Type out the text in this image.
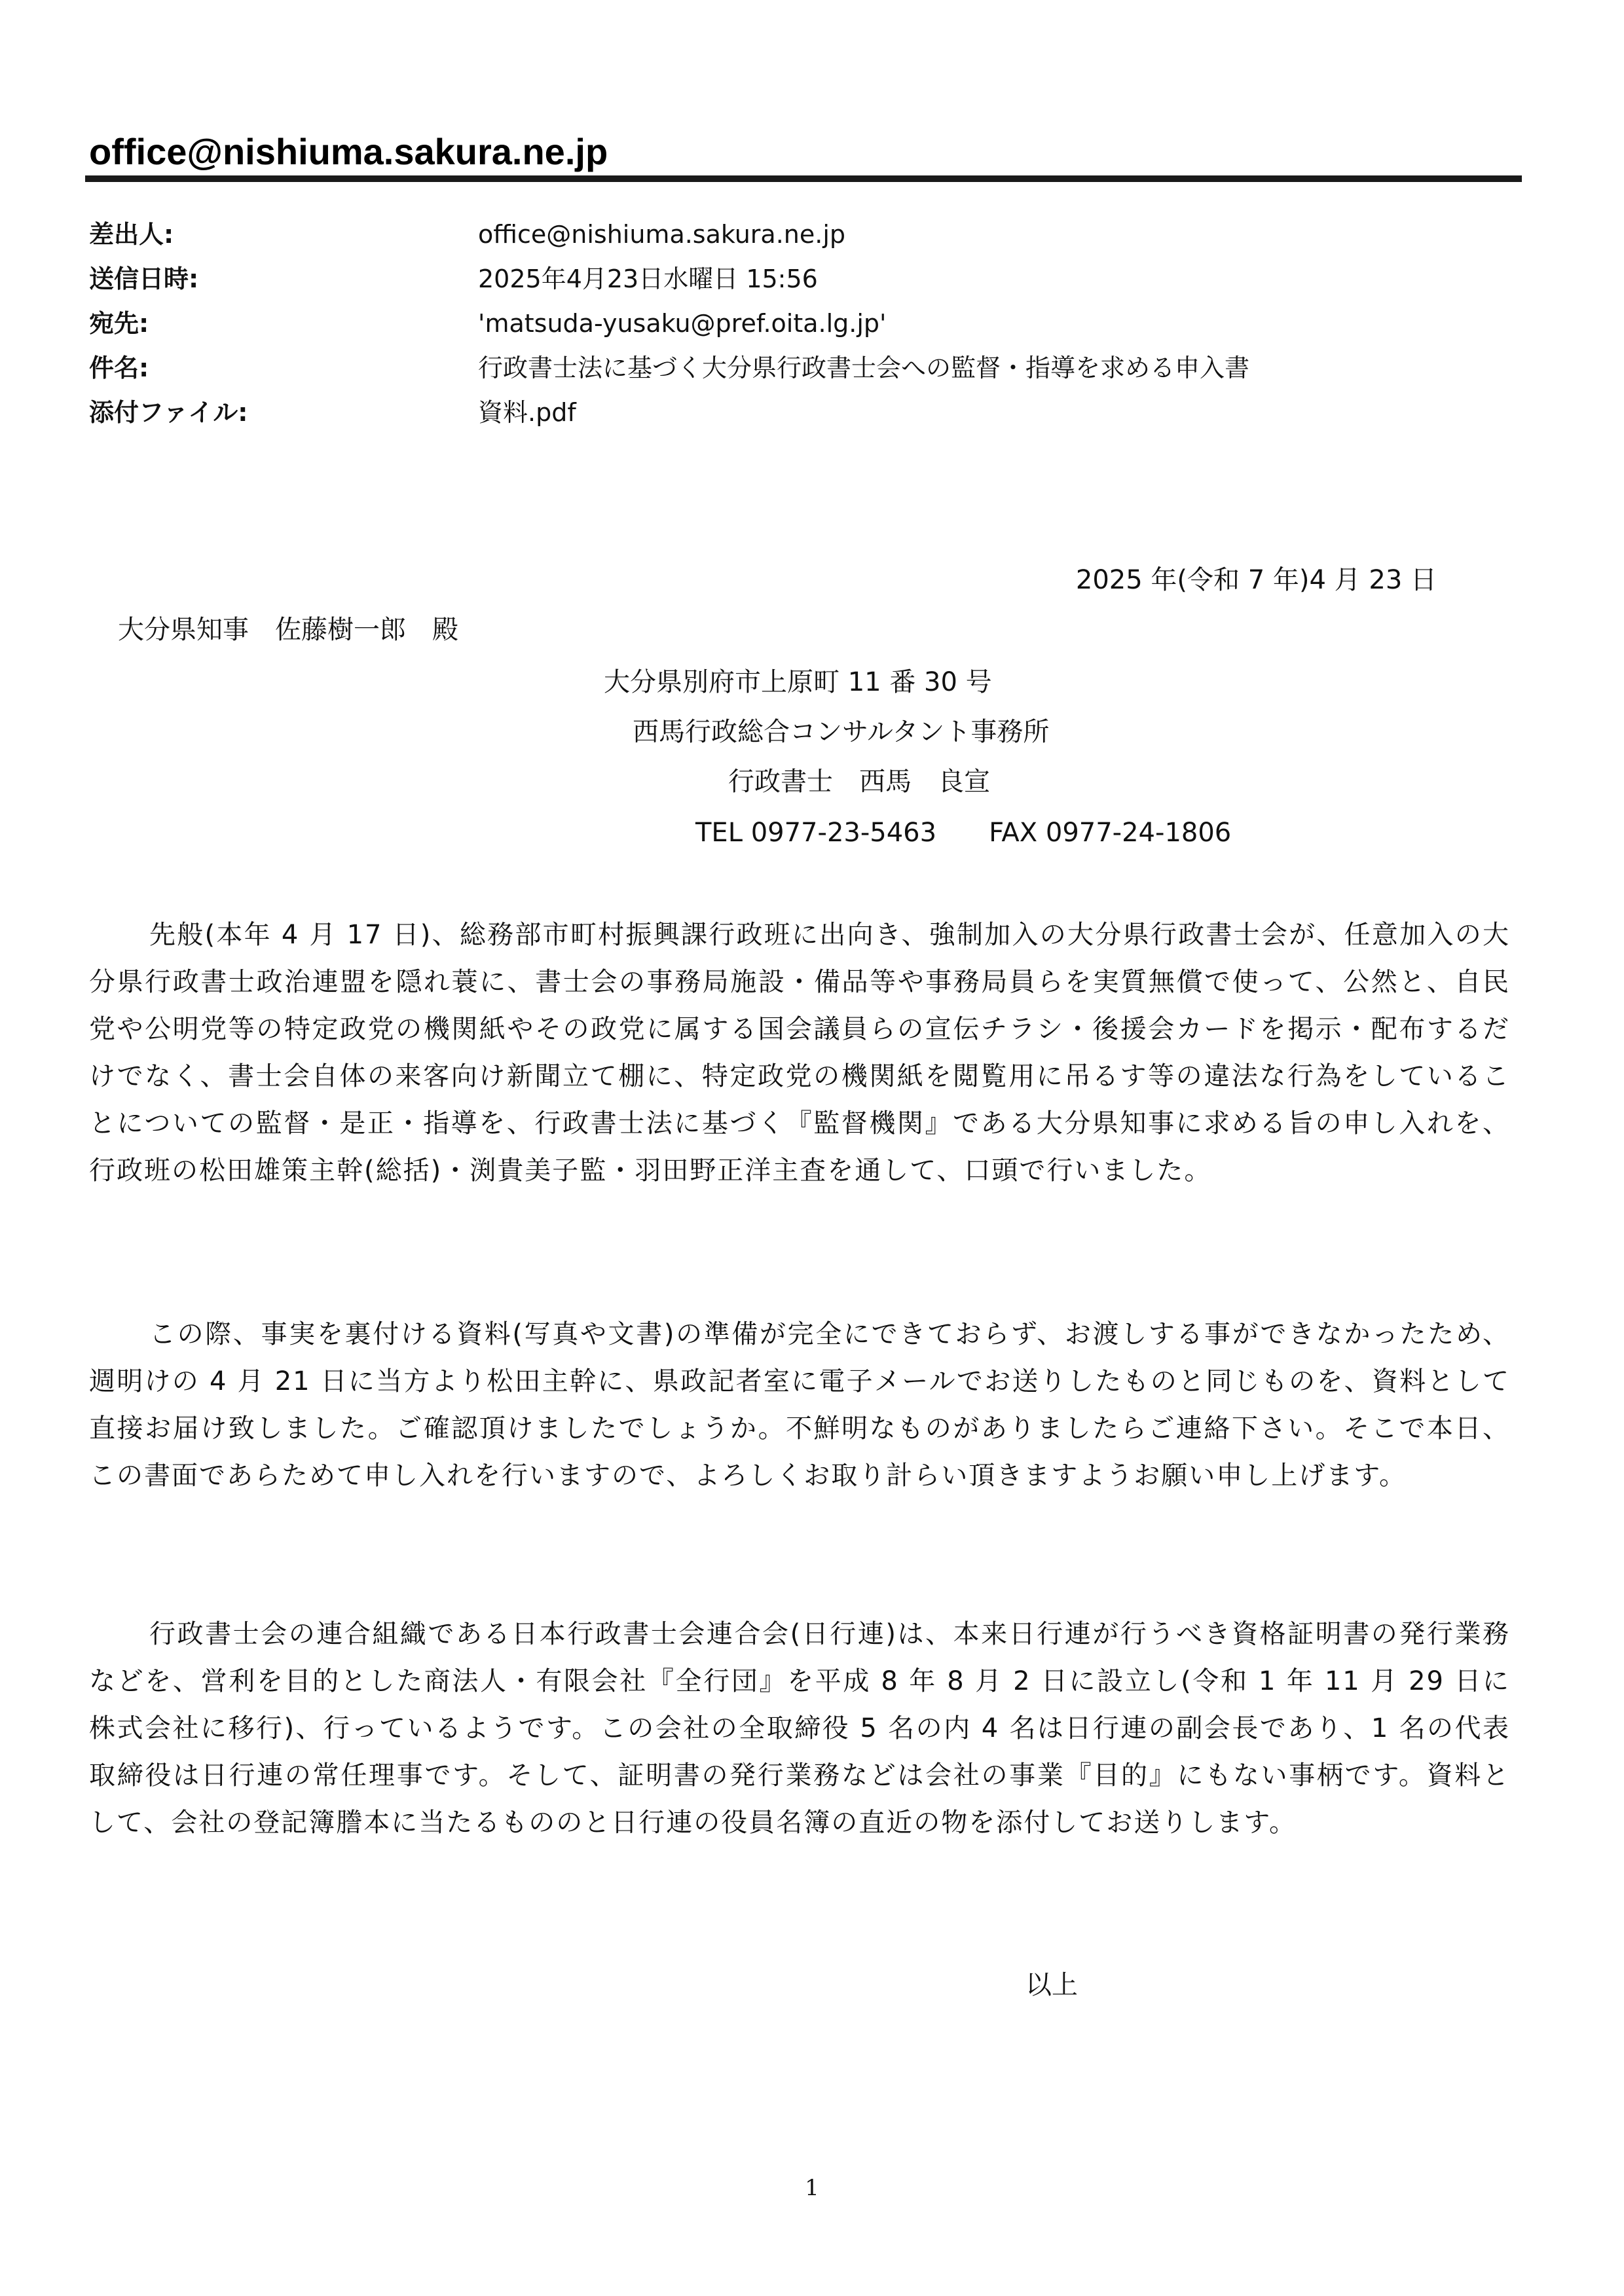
office@nishiuma.sakura.ne.jp
差出人:	office@nishiuma.sakura.ne.jp
送信日時:	2025年4月23日水曜日 15:56
宛先:	'matsuda-yusaku@pref.oita.lg.jp'
件名:	行政書士法に基づく大分県行政書士会への監督・指導を求める申入書
添付ファイル:	資料.pdf
2025 年(令和 7 年)4 月 23 日
大分県知事　佐藤樹一郎　殿
大分県別府市上原町 11 番 30 号
西馬行政総合コンサルタント事務所
行政書士　西馬　良宣
TEL 0977-23-5463　　FAX 0977-24-1806

先般(本年 4 月 17 日)、総務部市町村振興課行政班に出向き、強制加入の大分県行政書士会が、任意加入の大分県行政書士政治連盟を隠れ蓑に、書士会の事務局施設・備品等や事務局員らを実質無償で使って、公然と、自民党や公明党等の特定政党の機関紙やその政党に属する国会議員らの宣伝チラシ・後援会カードを掲示・配布するだけでなく、書士会自体の来客向け新聞立て棚に、特定政党の機関紙を閲覧用に吊るす等の違法な行為をしていることについての監督・是正・指導を、行政書士法に基づく『監督機関』である大分県知事に求める旨の申し入れを、行政班の松田雄策主幹(総括)・渕貴美子監・羽田野正洋主査を通して、口頭で行いました。

この際、事実を裏付ける資料(写真や文書)の準備が完全にできておらず、お渡しする事ができなかったため、週明けの 4 月 21 日に当方より松田主幹に、県政記者室に電子メールでお送りしたものと同じものを、資料として直接お届け致しました。ご確認頂けましたでしょうか。不鮮明なものがありましたらご連絡下さい。そこで本日、この書面であらためて申し入れを行いますので、よろしくお取り計らい頂きますようお願い申し上げます。

行政書士会の連合組織である日本行政書士会連合会(日行連)は、本来日行連が行うべき資格証明書の発行業務などを、営利を目的とした商法人・有限会社『全行団』を平成 8 年 8 月 2 日に設立し(令和 1 年 11 月 29 日に株式会社に移行)、行っているようです。この会社の全取締役 5 名の内 4 名は日行連の副会長であり、1 名の代表取締役は日行連の常任理事です。そして、証明書の発行業務などは会社の事業『目的』にもない事柄です。資料として、会社の登記簿謄本に当たるもののと日行連の役員名簿の直近の物を添付してお送りします。

以上
1
